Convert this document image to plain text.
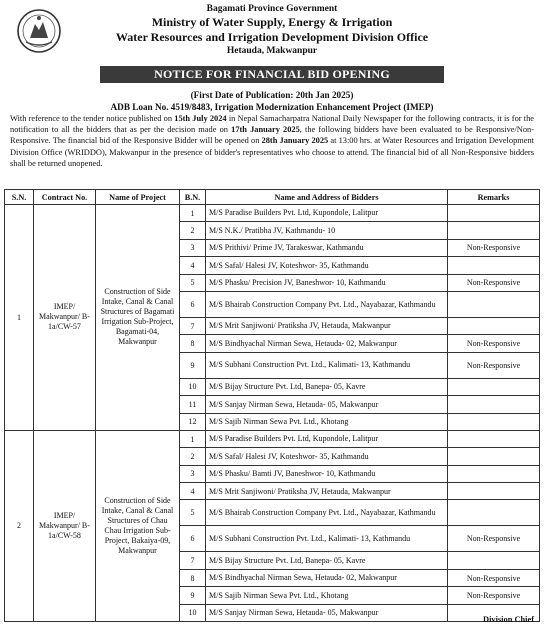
Bagamati Province Government
Ministry of Water Supply, Energy & Irrigation
Water Resources and Irrigation Development Division Office
Hetauda, Makwanpur
NOTICE FOR FINANCIAL BID OPENING
(First Date of Publication: 20th Jan 2025)
ADB Loan No. 4519/8483, Irrigation Modernization Enhancement Project (IMEP)
With reference to the tender notice published on 15th July 2024 in Nepal Samacharpatra National Daily Newspaper for the following contracts, it is for the notification to all the bidders that as per the decision made on 17th January 2025, the following bidders have been evaluated to be Responsive/Non-Responsive. The financial bid of the Responsive Bidder will be opened on 28th January 2025 at 13:00 hrs. at Water Resources and Irrigation Development Division Office (WRIDDO), Makwanpur in the presence of bidder's representatives who choose to attend. The financial bid of all Non-Responsive bidders shall be returned unopened.
S.N.	Contract No.	Name of Project	B.N.	Name and Address of Bidders	Remarks
1	IMEP/ Makwanpur/ B-1a/CW-57	Construction of Side Intake, Canal & Canal Structures of Bagamati Irrigation Sub-Project, Bagamati-04, Makwanpur	1	M/S Paradise Builders Pvt. Ltd, Kupondole, Lalitpur	
			2	M/S N.K./ Pratibha JV, Kathmandu- 10	
			3	M/S Prithivi/ Prime JV, Tarakeswar, Kathmandu	Non-Responsive
			4	M/S Safal/ Halesi JV, Koteshwor- 35, Kathmandu	
			5	M/S Phasku/ Precision JV, Baneshwor- 10, Kathmandu	Non-Responsive
			6	M/S Bhairab Construction Company Pvt. Ltd., Nayabazar, Kathmandu	
			7	M/S Mrit Sanjiwoni/ Pratiksha JV, Hetauda, Makwanpur	
			8	M/S Bindhyachal Nirman Sewa, Hetauda- 02, Makwanpur	Non-Responsive
			9	M/S Subhani Construction Pvt. Ltd., Kalimati- 13, Kathmandu	Non-Responsive
			10	M/S Bijay Structure Pvt. Ltd, Banepa- 05, Kavre	
			11	M/S Sanjay Nirman Sewa, Hetauda- 05, Makwanpur	
			12	M/S Sajib Nirman Sewa Pvt. Ltd., Khotang	
2	IMEP/ Makwanpur/ B-1a/CW-58	Construction of Side Intake, Canal & Canal Structures of Chau Chau Irrigation Sub-Project, Bakaiya-09, Makwanpur	1	M/S Paradise Builders Pvt. Ltd, Kupondole, Lalitpur	
			2	M/S Safal/ Halesi JV, Koteshwor- 35, Kathmandu	
			3	M/S Phasku/ Bamti JV, Baneshwor- 10, Kathmandu	
			4	M/S Mrit Sanjiwoni/ Pratiksha JV, Hetauda, Makwanpur	
			5	M/S Bhairab Construction Company Pvt. Ltd., Nayabazar, Kathmandu	
			6	M/S Subhani Construction Pvt. Ltd., Kalimati- 13, Kathmandu	Non-Responsive
			7	M/S Bijay Structure Pvt. Ltd, Banepa- 05, Kavre	
			8	M/S Bindhyachal Nirman Sewa, Hetauda- 02, Makwanpur	Non-Responsive
			9	M/S Sajib Nirman Sewa Pvt. Ltd., Khotang	Non-Responsive
			10	M/S Sanjay Nirman Sewa, Hetauda- 05, Makwanpur	
Division Chief
